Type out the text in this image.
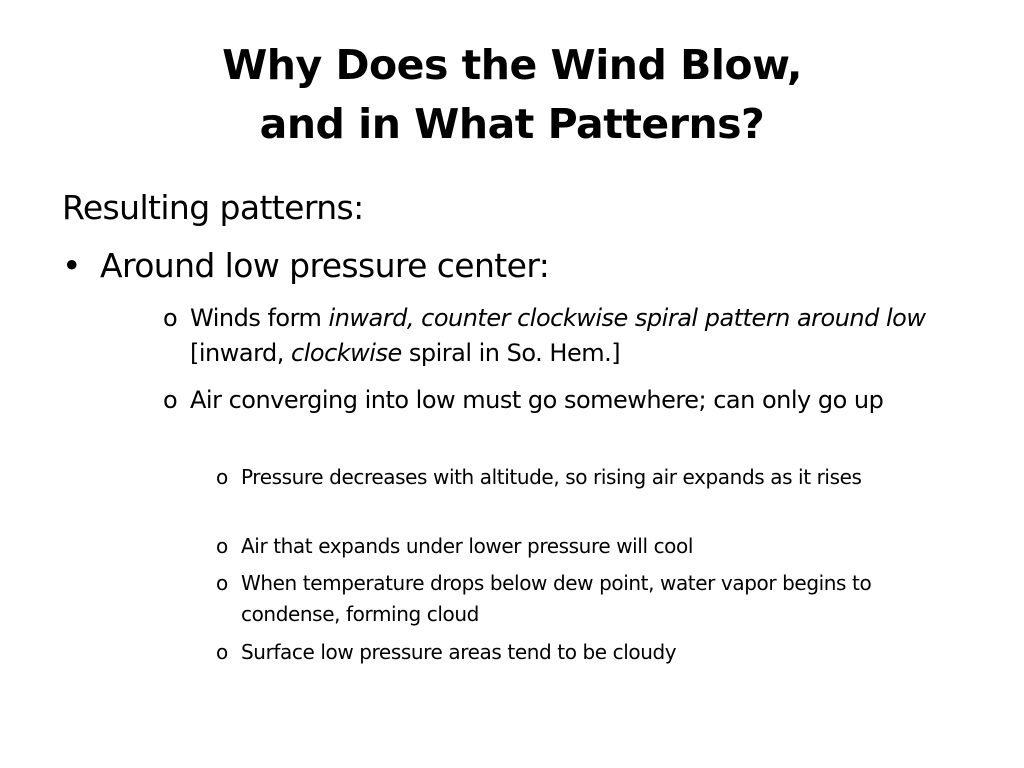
Why Does the Wind Blow,
and in What Patterns?
Resulting patterns:
• Around low pressure center:
o Winds form inward, counter clockwise spiral pattern around low [inward, clockwise spiral in So. Hem.]
o Air converging into low must go somewhere; can only go up
o Pressure decreases with altitude, so rising air expands as it rises
o Air that expands under lower pressure will cool
o When temperature drops below dew point, water vapor begins to condense, forming cloud
o Surface low pressure areas tend to be cloudy
